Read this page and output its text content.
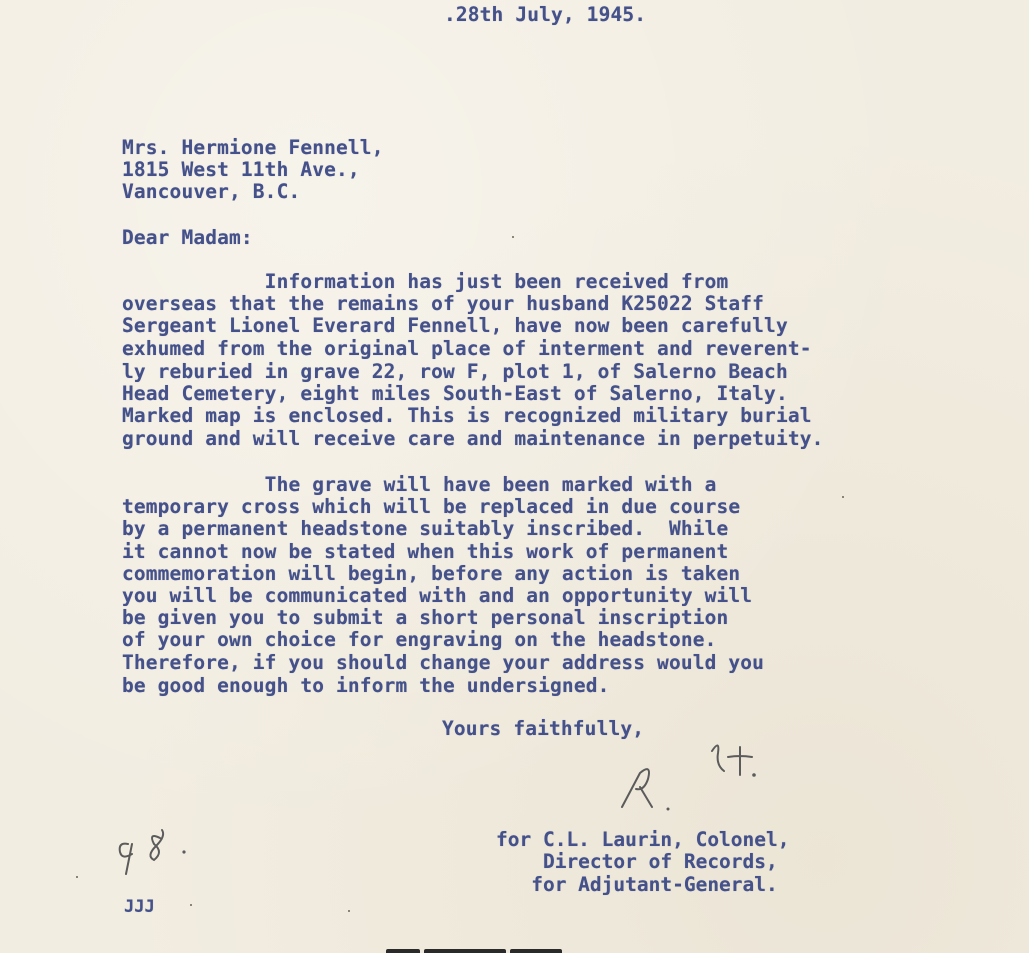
.28th July, 1945.
Mrs. Hermione Fennell,
1815 West 11th Ave.,
Vancouver, B.C.
Dear Madam:
Information has just been received from
overseas that the remains of your husband K25022 Staff
Sergeant Lionel Everard Fennell, have now been carefully
exhumed from the original place of interment and reverent-
ly reburied in grave 22, row F, plot 1, of Salerno Beach
Head Cemetery, eight miles South-East of Salerno, Italy.
Marked map is enclosed. This is recognized military burial
ground and will receive care and maintenance in perpetuity.
The grave will have been marked with a
temporary cross which will be replaced in due course
by a permanent headstone suitably inscribed.  While
it cannot now be stated when this work of permanent
commemoration will begin, before any action is taken
you will be communicated with and an opportunity will
be given you to submit a short personal inscription
of your own choice for engraving on the headstone.
Therefore, if you should change your address would you
be good enough to inform the undersigned.
Yours faithfully,
for C.L. Laurin, Colonel,
Director of Records,
for Adjutant-General.
JJJ
